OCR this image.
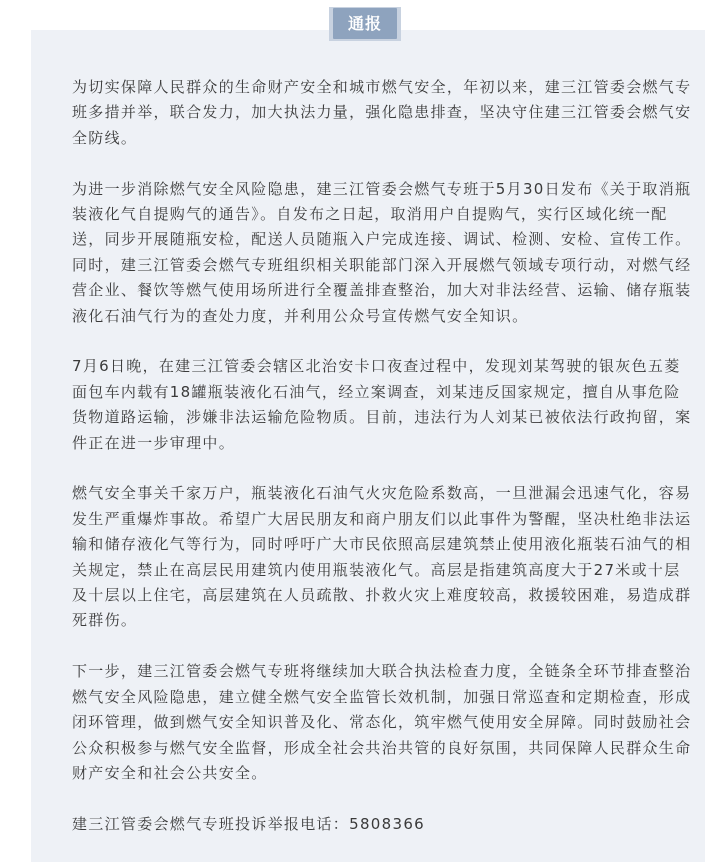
通报

为切实保障人民群众的生命财产安全和城市燃气安全，年初以来，建三江管委会燃气专班多措并举，联合发力，加大执法力量，强化隐患排查，坚决守住建三江管委会燃气安全防线。

为进一步消除燃气安全风险隐患，建三江管委会燃气专班于5月30日发布《关于取消瓶装液化气自提购气的通告》。自发布之日起，取消用户自提购气，实行区域化统一配送，同步开展随瓶安检，配送人员随瓶入户完成连接、调试、检测、安检、宣传工作。同时，建三江管委会燃气专班组织相关职能部门深入开展燃气领域专项行动，对燃气经营企业、餐饮等燃气使用场所进行全覆盖排查整治，加大对非法经营、运输、储存瓶装液化石油气行为的查处力度，并利用公众号宣传燃气安全知识。

7月6日晚，在建三江管委会辖区北治安卡口夜查过程中，发现刘某驾驶的银灰色五菱面包车内载有18罐瓶装液化石油气，经立案调查，刘某违反国家规定，擅自从事危险货物道路运输，涉嫌非法运输危险物质。目前，违法行为人刘某已被依法行政拘留，案件正在进一步审理中。

燃气安全事关千家万户，瓶装液化石油气火灾危险系数高，一旦泄漏会迅速气化，容易发生严重爆炸事故。希望广大居民朋友和商户朋友们以此事件为警醒，坚决杜绝非法运输和储存液化气等行为，同时呼吁广大市民依照高层建筑禁止使用液化瓶装石油气的相关规定，禁止在高层民用建筑内使用瓶装液化气。高层是指建筑高度大于27米或十层及十层以上住宅，高层建筑在人员疏散、扑救火灾上难度较高，救援较困难，易造成群死群伤。

下一步，建三江管委会燃气专班将继续加大联合执法检查力度，全链条全环节排查整治燃气安全风险隐患，建立健全燃气安全监管长效机制，加强日常巡查和定期检查，形成闭环管理，做到燃气安全知识普及化、常态化，筑牢燃气使用安全屏障。同时鼓励社会公众积极参与燃气安全监督，形成全社会共治共管的良好氛围，共同保障人民群众生命财产安全和社会公共安全。

建三江管委会燃气专班投诉举报电话：5808366
